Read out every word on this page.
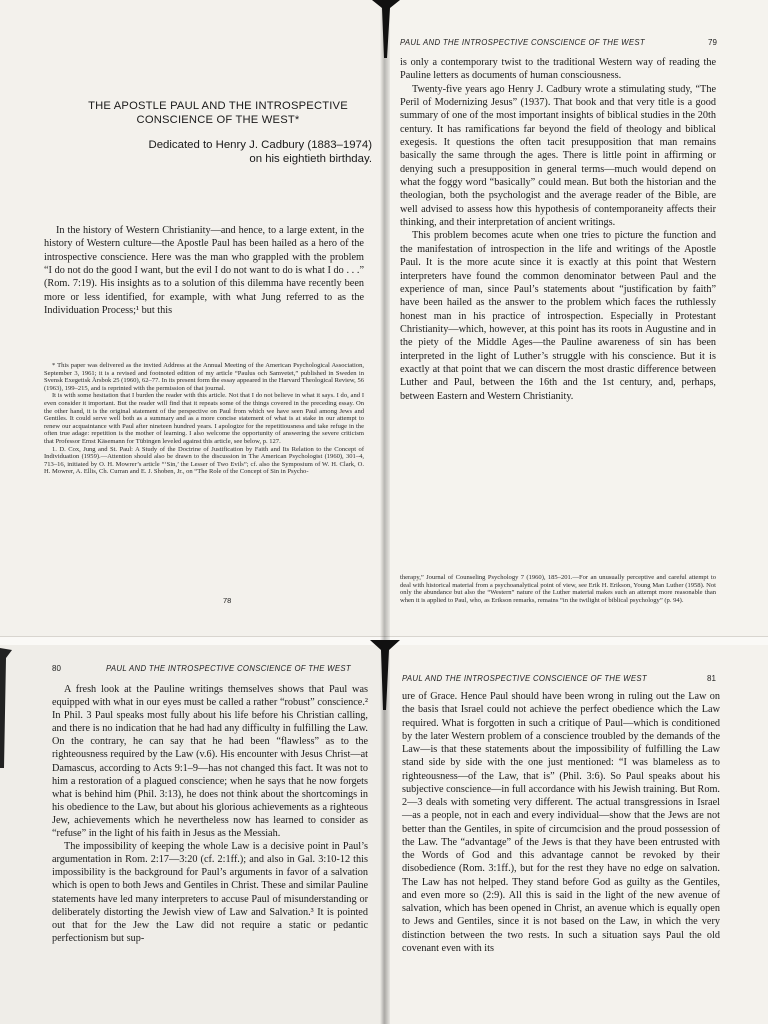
THE APOSTLE PAUL AND THE INTROSPECTIVE CONSCIENCE OF THE WEST*
Dedicated to Henry J. Cadbury (1883–1974)
on his eightieth birthday.

In the history of Western Christianity—and hence, to a large extent, in the history of Western culture—the Apostle Paul has been hailed as a hero of the introspective conscience. Here was the man who grappled with the problem “I do not do the good I want, but the evil I do not want to do is what I do . . .” (Rom. 7:19). His insights as to a solution of this dilemma have recently been more or less identified, for example, with what Jung referred to as the Individuation Process;¹ but this

* This paper was delivered as the invited Address at the Annual Meeting of the American Psychological Association, September 3, 1961; it is a revised and footnoted edition of my article “Paulus och Samvetet,” published in Sweden in Svensk Exegetisk Årsbok 25 (1960), 62–77. In its present form the essay appeared in the Harvard Theological Review, 56 (1963), 199–215, and is reprinted with the permission of that journal.

It is with some hesitation that I burden the reader with this article. Not that I do not believe in what it says. I do, and I even consider it important. But the reader will find that it repeats some of the things covered in the preceding essay. On the other hand, it is the original statement of the perspective on Paul from which we have seen Paul among Jews and Gentiles. It could serve well both as a summary and as a more concise statement of what is at stake in our attempt to renew our acquaintance with Paul after nineteen hundred years. I apologize for the repetitiousness and take refuge in the often true adage: repetition is the mother of learning. I also welcome the opportunity of answering the severe criticism that Professor Ernst Käsemann for Tübingen leveled against this article, see below, p. 127.

1. D. Cox, Jung and St. Paul: A Study of the Doctrine of Justification by Faith and Its Relation to the Concept of Individuation (1959).—Attention should also be drawn to the discussion in The American Psychologist (1960), 301–4, 713–16, initiated by O. H. Mowrer’s article “‘Sin,’ the Lesser of Two Evils”; cf. also the Symposium of W. H. Clark, O. H. Mowrer, A. Ellis, Ch. Curran and E. J. Shoben, Jr., on “The Role of the Concept of Sin in Psycho-

78
PAUL AND THE INTROSPECTIVE CONSCIENCE OF THE WEST	79

is only a contemporary twist to the traditional Western way of reading the Pauline letters as documents of human consciousness.

Twenty-five years ago Henry J. Cadbury wrote a stimulating study, “The Peril of Modernizing Jesus” (1937). That book and that very title is a good summary of one of the most important insights of biblical studies in the 20th century. It has ramifications far beyond the field of theology and biblical exegesis. It questions the often tacit presupposition that man remains basically the same through the ages. There is little point in affirming or denying such a presupposition in general terms—much would depend on what the foggy word “basically” could mean. But both the historian and the theologian, both the psychologist and the average reader of the Bible, are well advised to assess how this hypothesis of contemporaneity affects their thinking, and their interpretation of ancient writings.

This problem becomes acute when one tries to picture the function and the manifestation of introspection in the life and writings of the Apostle Paul. It is the more acute since it is exactly at this point that Western interpreters have found the common denominator between Paul and the experience of man, since Paul’s statements about “justification by faith” have been hailed as the answer to the problem which faces the ruthlessly honest man in his practice of introspection. Especially in Protestant Christianity—which, however, at this point has its roots in Augustine and in the piety of the Middle Ages—the Pauline awareness of sin has been interpreted in the light of Luther’s struggle with his conscience. But it is exactly at that point that we can discern the most drastic difference between Luther and Paul, between the 16th and the 1st century, and, perhaps, between Eastern and Western Christianity.

therapy,” Journal of Counseling Psychology 7 (1960), 185–201.—For an unusually perceptive and careful attempt to deal with historical material from a psychoanalytical point of view, see Erik H. Erikson, Young Man Luther (1958). Not only the abundance but also the “Western” nature of the Luther material makes such an attempt more reasonable than when it is applied to Paul, who, as Erikson remarks, remains “in the twilight of biblical psychology” (p. 94).

80	PAUL AND THE INTROSPECTIVE CONSCIENCE OF THE WEST

A fresh look at the Pauline writings themselves shows that Paul was equipped with what in our eyes must be called a rather “robust” conscience.² In Phil. 3 Paul speaks most fully about his life before his Christian calling, and there is no indication that he had had any difficulty in fulfilling the Law. On the contrary, he can say that he had been “flawless” as to the righteousness required by the Law (v.6). His encounter with Jesus Christ—at Damascus, according to Acts 9:1–9—has not changed this fact. It was not to him a restoration of a plagued conscience; when he says that he now forgets what is behind him (Phil. 3:13), he does not think about the shortcomings in his obedience to the Law, but about his glorious achievements as a righteous Jew, achievements which he nevertheless now has learned to consider as “refuse” in the light of his faith in Jesus as the Messiah.

The impossibility of keeping the whole Law is a decisive point in Paul’s argumentation in Rom. 2:17—3:20 (cf. 2:1ff.); and also in Gal. 3:10-12 this impossibility is the background for Paul’s arguments in favor of a salvation which is open to both Jews and Gentiles in Christ. These and similar Pauline statements have led many interpreters to accuse Paul of misunderstanding or deliberately distorting the Jewish view of Law and Salvation.³ It is pointed out that for the Jew the Law did not require a static or pedantic perfectionism but sup-

PAUL AND THE INTROSPECTIVE CONSCIENCE OF THE WEST	81

ure of Grace. Hence Paul should have been wrong in ruling out the Law on the basis that Israel could not achieve the perfect obedience which the Law required. What is forgotten in such a critique of Paul—which is conditioned by the later Western problem of a conscience troubled by the demands of the Law—is that these statements about the impossibility of fulfilling the Law stand side by side with the one just mentioned: “I was blameless as to righteousness—of the Law, that is” (Phil. 3:6). So Paul speaks about his subjective conscience—in full accordance with his Jewish training. But Rom. 2—3 deals with someting very different. The actual transgressions in Israel—as a people, not in each and every individual—show that the Jews are not better than the Gentiles, in spite of circumcision and the proud possession of the Law. The “advantage” of the Jews is that they have been entrusted with the Words of God and this advantage cannot be revoked by their disobedience (Rom. 3:1ff.), but for the rest they have no edge on salvation. The Law has not helped. They stand before God as guilty as the Gentiles, and even more so (2:9). All this is said in the light of the new avenue of salvation, which has been opened in Christ, an avenue which is equally open to Jews and Gentiles, since it is not based on the Law, in which the very distinction between the two rests. In such a situation says Paul the old covenant even with its
